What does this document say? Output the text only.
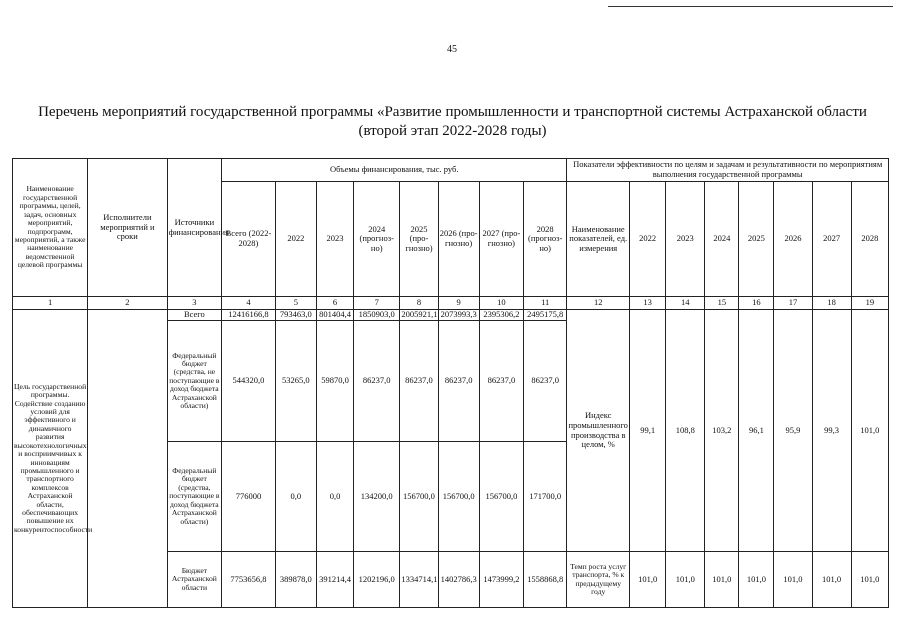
45
Перечень мероприятий государственной программы «Развитие промышленности и транспортной системы Астраханской области
(второй этап 2022-2028 годы)
Наименование государственной программы, целей, задач, основных мероприятий, подпрограмм, мероприятий, а также наименование ведомственной целевой программы	Исполнители мероприятий и сроки	Источники финансирования	Объемы финансирования, тыс. руб.								Показатели эффективности по целям и задачам и результативности по мероприятиям выполнения государственной программы							
			Всего (2022-2028)	2022	2023	2024 (прогноз-но)	2025 (про-гнозно)	2026 (про-гнозно)	2027 (про-гнозно)	2028 (прогноз-но)	Наименование показателей, ед. измерения	2022	2023	2024	2025	2026	2027	2028
1	2	3	4	5	6	7	8	9	10	11	12	13	14	15	16	17	18	19
Цель государственной программы. Содействие созданию условий для эффективного и динамичного развития высокотехнологичных и восприимчивых к инновациям промышленного и транспортного комплексов Астраханской области, обеспечивающих повышение их конкурентоспособности		Всего	12416166,8	793463,0	801404,4	1850903,0	2005921,1	2073993,3	2395306,2	2495175,8	Индекс промышленного производства в целом, %	99,1	108,8	103,2	96,1	95,9	99,3	101,0
		Федеральный бюджет (средства, не поступающие в доход бюджета Астраханской области)	544320,0	53265,0	59870,0	86237,0	86237,0	86237,0	86237,0	86237,0								
		Федеральный бюджет (средства, поступающие в доход бюджета Астраханской области)	776000	0,0	0,0	134200,0	156700,0	156700,0	156700,0	171700,0								
		Бюджет Астраханской области	7753656,8	389878,0	391214,4	1202196,0	1334714,1	1402786,3	1473999,2	1558868,8	Темп роста услуг транспорта, % к предыдущему году	101,0	101,0	101,0	101,0	101,0	101,0	101,0
